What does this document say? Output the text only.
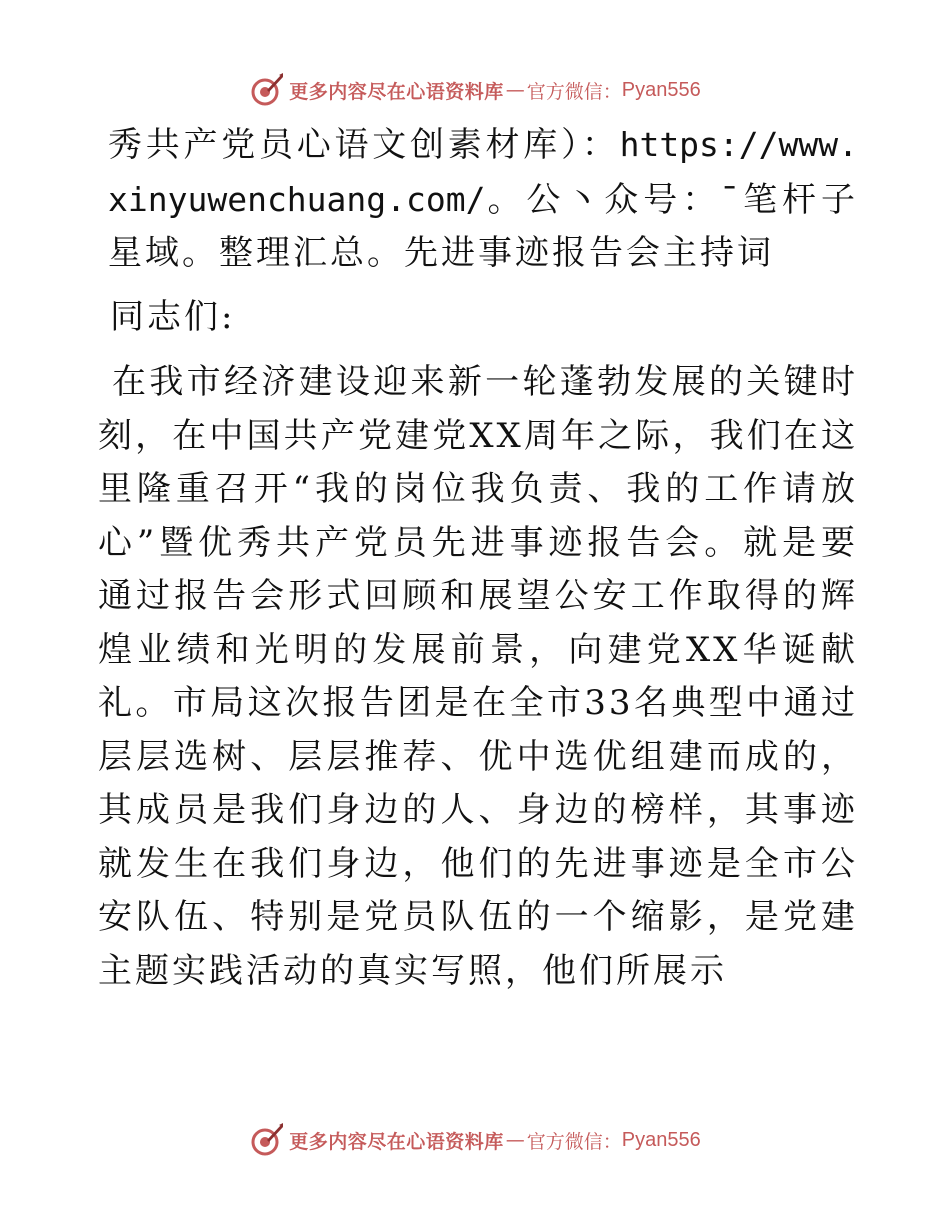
更多内容尽在心语资料库 — 官方微信： Pyan556

秀共产党员心语文创素材库）：https://www.xinyuwenchuang.com/。公丶众号：¯笔杆子星域。整理汇总。先进事迹报告会主持词

同志们:

在我市经济建设迎来新一轮蓬勃发展的关键时刻，在中国共产党建党XX周年之际，我们在这里隆重召开“我的岗位我负责、我的工作请放心”暨优秀共产党员先进事迹报告会。就是要通过报告会形式回顾和展望公安工作取得的辉煌业绩和光明的发展前景，向建党XX华诞献礼。市局这次报告团是在全市33名典型中通过层层选树、层层推荐、优中选优组建而成的，其成员是我们身边的人、身边的榜样，其事迹就发生在我们身边，他们的先进事迹是全市公安队伍、特别是党员队伍的一个缩影，是党建主题实践活动的真实写照，他们所展示

更多内容尽在心语资料库 — 官方微信： Pyan556
